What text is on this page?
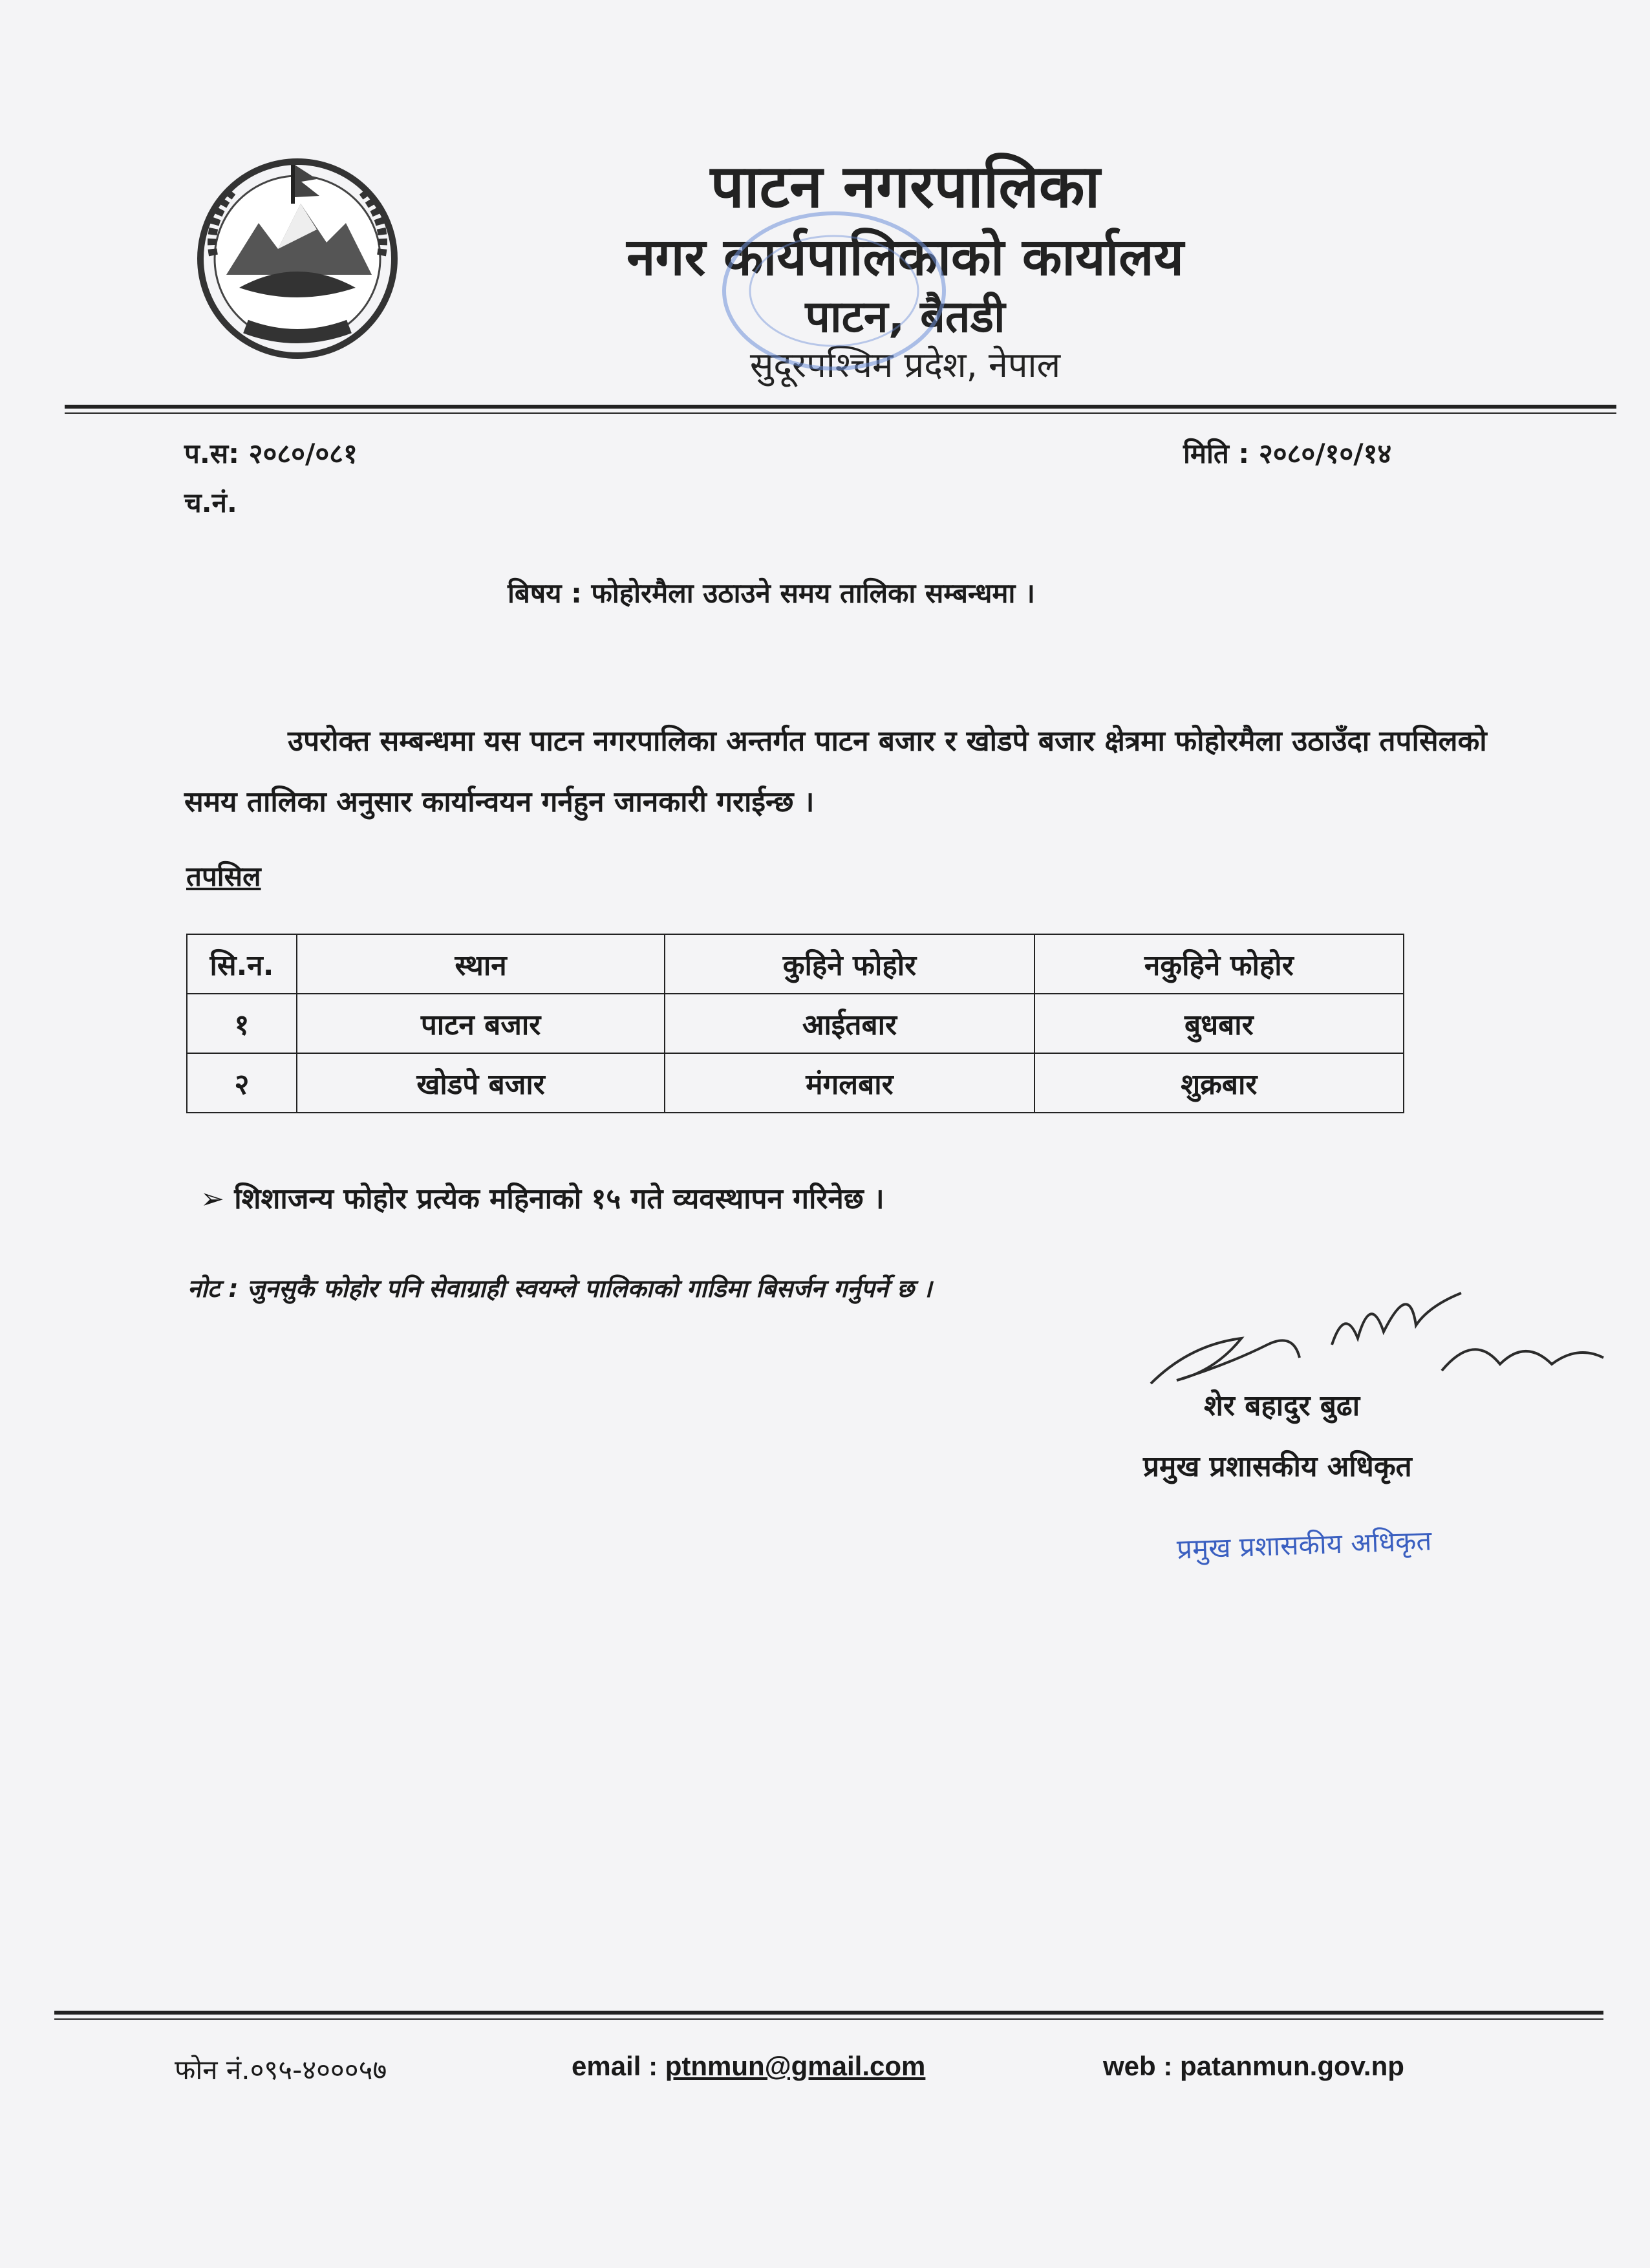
पाटन नगरपालिका
नगर कार्यपालिकाको कार्यालय
पाटन, बैतडी
सुदूरपश्चिम प्रदेश, नेपाल
प.स: २०८०/०८१
च.नं.
मिति : २०८०/१०/१४
बिषय : फोहोरमैला उठाउने समय तालिका सम्बन्धमा ।
उपरोक्त सम्बन्धमा यस पाटन नगरपालिका अन्तर्गत पाटन बजार र खोडपे बजार क्षेत्रमा फोहोरमैला उठाउँदा तपसिलको समय तालिका अनुसार कार्यान्वयन गर्नहुन जानकारी गराईन्छ ।
तपसिल
सि.न.	स्थान	कुहिने फोहोर	नकुहिने फोहोर
१	पाटन बजार	आईतबार	बुधबार
२	खोडपे बजार	मंगलबार	शुक्रबार
➢ शिशाजन्य फोहोर प्रत्येक महिनाको १५ गते व्यवस्थापन गरिनेछ ।
नोट : जुनसुकै फोहोर पनि सेवाग्राही स्वयम्ले पालिकाको गाडिमा बिसर्जन गर्नुपर्ने छ ।
शेर बहादुर बुढा
प्रमुख प्रशासकीय अधिकृत
प्रमुख प्रशासकीय अधिकृत
फोन नं.०९५-४०००५७	email : ptnmun@gmail.com	web : patanmun.gov.np
